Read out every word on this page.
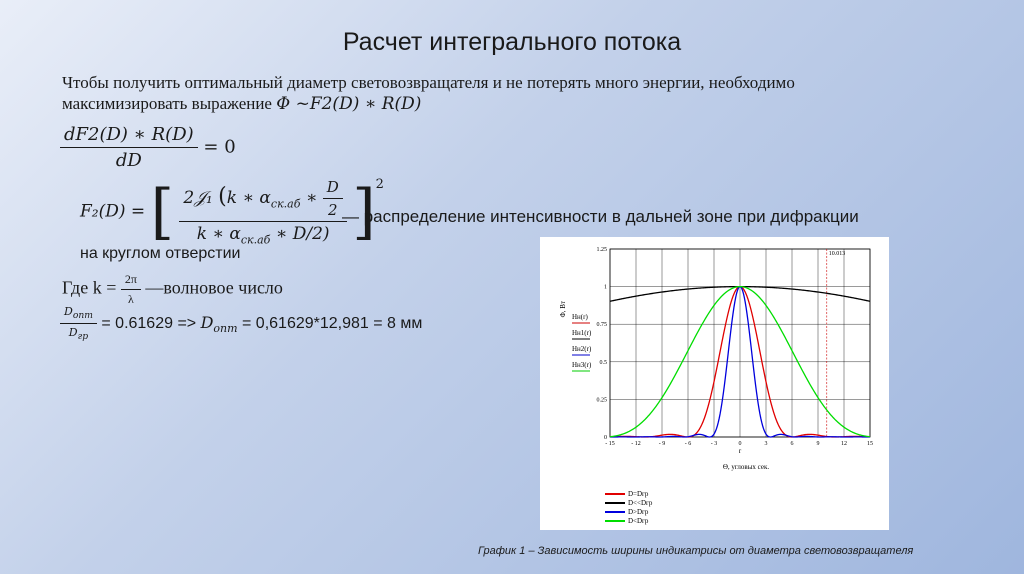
Расчет интегрального потока
Чтобы получить оптимальный диаметр световозвращателя и не потерять много энергии, необходимо
максимизировать выражение Φ ~F2(D) ∗ R(D)
$\frac{dF2(D) ∗ R(D)}{dD} = 0$
F₂(D) = [ $\frac{2𝒥_1 (k ∗ \alpha_{ск.аб} ∗ \frac{D}{2}}{k ∗ \alpha_{ск.аб} ∗ D/2)} ]^2$
— распределение интенсивности в дальней зоне при дифракции
на круглом отверстии
Где $k = \frac{2\pi}{\lambda}$ —волновое число
$\frac{D_{опт}}{D_{гр}} = 0.61629 => D_{опт} = 0,61629*12,981 = 8$ мм
- 15	- 12	- 9	- 6	- 3	0	3	6	9	12	15
0
0.25
0.5
0.75
1
1.25
10.013
r
Θ, угловых сек.
Φ, Вт Hн(r)
Hн1(r)
Hн2(r)
Hн3(r)
D=Dгр
D<<Dгр
D>Dгр
D<Dгр
График 1 – Зависимость ширины индикатрисы от диаметра световозвращателя
